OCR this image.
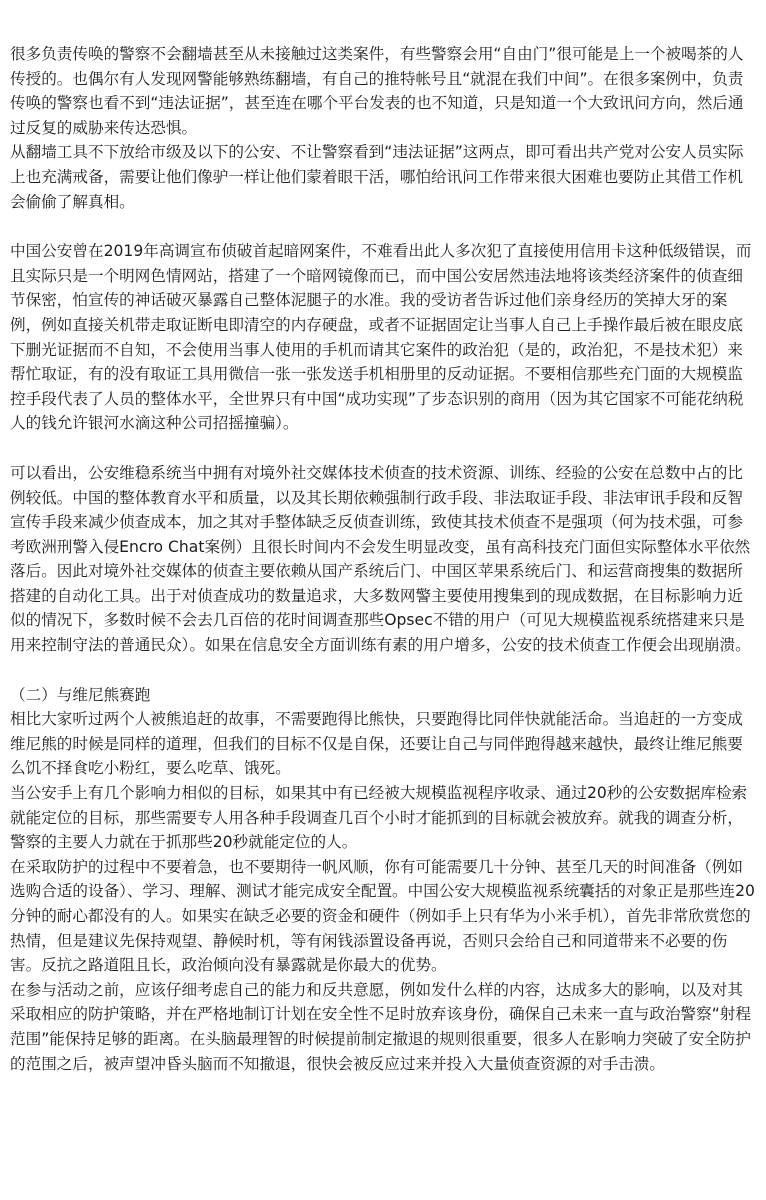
很多负责传唤的警察不会翻墙甚至从未接触过这类案件，有些警察会用“自由门”很可能是上一个被喝茶的人传授的。也偶尔有人发现网警能够熟练翻墙，有自己的推特帐号且“就混在我们中间”。在很多案例中，负责传唤的警察也看不到“违法证据”，甚至连在哪个平台发表的也不知道，只是知道一个大致讯问方向，然后通过反复的威胁来传达恐惧。

从翻墙工具不下放给市级及以下的公安、不让警察看到“违法证据”这两点，即可看出共产党对公安人员实际上也充满戒备，需要让他们像驴一样让他们蒙着眼干活，哪怕给讯问工作带来很大困难也要防止其借工作机会偷偷了解真相。

中国公安曾在2019年高调宣布侦破首起暗网案件，不难看出此人多次犯了直接使用信用卡这种低级错误，而且实际只是一个明网色情网站，搭建了一个暗网镜像而已，而中国公安居然违法地将该类经济案件的侦查细节保密，怕宣传的神话破灭暴露自己整体泥腿子的水准。我的受访者告诉过他们亲身经历的笑掉大牙的案例，例如直接关机带走取证断电即清空的内存硬盘，或者不证据固定让当事人自己上手操作最后被在眼皮底下删光证据而不自知，不会使用当事人使用的手机而请其它案件的政治犯（是的，政治犯，不是技术犯）来帮忙取证，有的没有取证工具用微信一张一张发送手机相册里的反动证据。不要相信那些充门面的大规模监控手段代表了人员的整体水平，全世界只有中国“成功实现”了步态识别的商用（因为其它国家不可能花纳税人的钱允许银河水滴这种公司招摇撞骗）。

可以看出，公安维稳系统当中拥有对境外社交媒体技术侦查的技术资源、训练、经验的公安在总数中占的比例较低。中国的整体教育水平和质量，以及其长期依赖强制行政手段、非法取证手段、非法审讯手段和反智宣传手段来减少侦查成本，加之其对手整体缺乏反侦查训练，致使其技术侦查不是强项（何为技术强，可参考欧洲刑警入侵Encro Chat案例）且很长时间内不会发生明显改变，虽有高科技充门面但实际整体水平依然落后。因此对境外社交媒体的侦查主要依赖从国产系统后门、中国区苹果系统后门、和运营商搜集的数据所搭建的自动化工具。出于对侦查成功的数量追求，大多数网警主要使用搜集到的现成数据，在目标影响力近似的情况下，多数时候不会去几百倍的花时间调查那些Opsec不错的用户（可见大规模监视系统搭建来只是用来控制守法的普通民众）。如果在信息安全方面训练有素的用户增多，公安的技术侦查工作便会出现崩溃。

（二）与维尼熊赛跑

相比大家听过两个人被熊追赶的故事，不需要跑得比熊快，只要跑得比同伴快就能活命。当追赶的一方变成维尼熊的时候是同样的道理，但我们的目标不仅是自保，还要让自己与同伴跑得越来越快，最终让维尼熊要么饥不择食吃小粉红，要么吃草、饿死。

当公安手上有几个影响力相似的目标，如果其中有已经被大规模监视程序收录、通过20秒的公安数据库检索就能定位的目标，那些需要专人用各种手段调查几百个小时才能抓到的目标就会被放弃。就我的调查分析，警察的主要人力就在于抓那些20秒就能定位的人。

在采取防护的过程中不要着急，也不要期待一帆风顺，你有可能需要几十分钟、甚至几天的时间准备（例如选购合适的设备）、学习、理解、测试才能完成安全配置。中国公安大规模监视系统囊括的对象正是那些连20分钟的耐心都没有的人。如果实在缺乏必要的资金和硬件（例如手上只有华为小米手机），首先非常欣赏您的热情，但是建议先保持观望、静候时机，等有闲钱添置设备再说，否则只会给自己和同道带来不必要的伤害。反抗之路道阻且长，政治倾向没有暴露就是你最大的优势。

在参与活动之前，应该仔细考虑自己的能力和反共意愿，例如发什么样的内容，达成多大的影响，以及对其采取相应的防护策略，并在严格地制订计划在安全性不足时放弃该身份，确保自己未来一直与政治警察“射程范围”能保持足够的距离。在头脑最理智的时候提前制定撤退的规则很重要，很多人在影响力突破了安全防护的范围之后，被声望冲昏头脑而不知撤退，很快会被反应过来并投入大量侦查资源的对手击溃。
